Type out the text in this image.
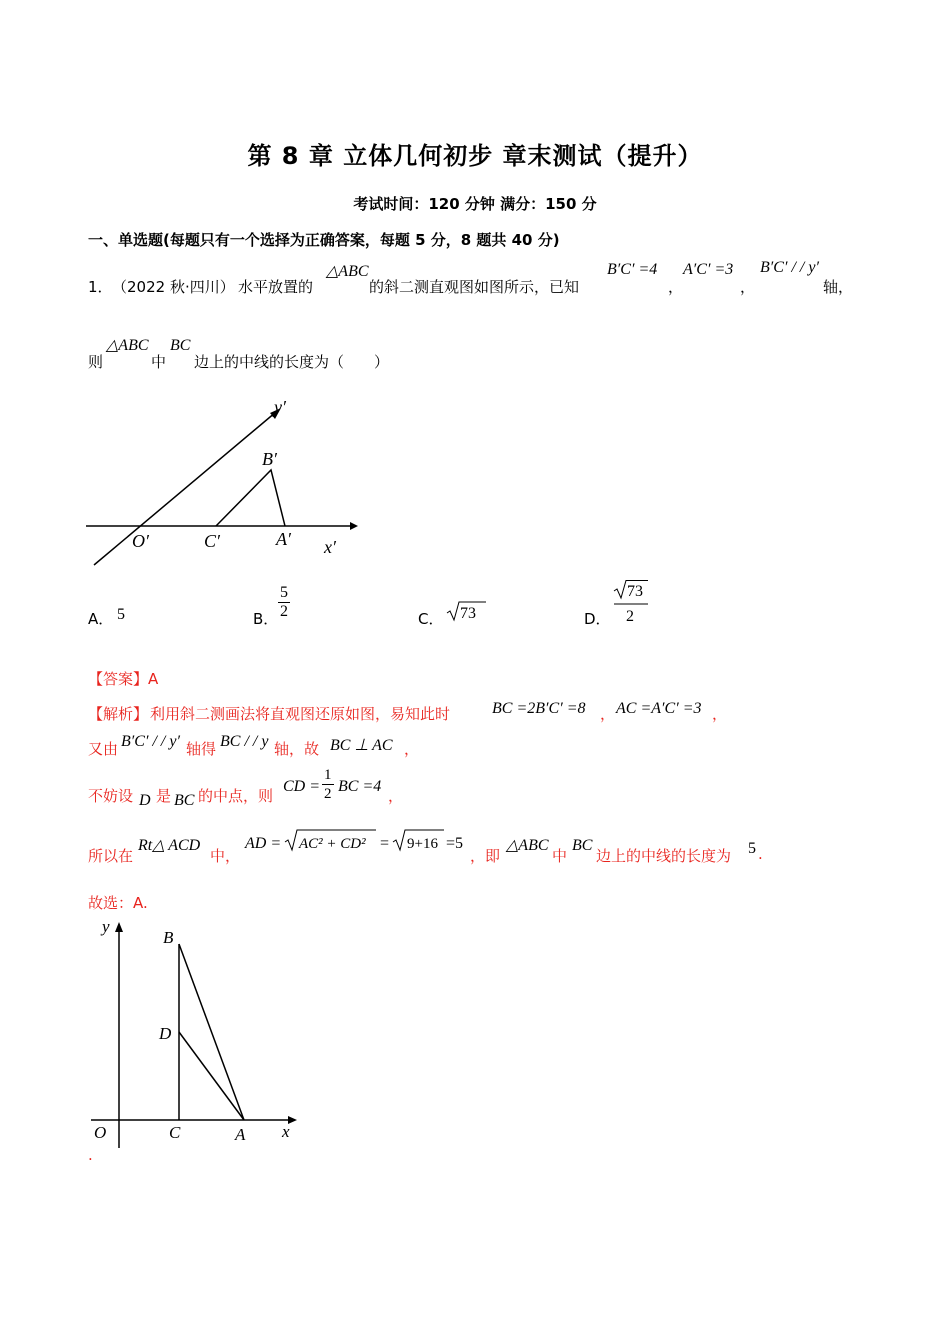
第 8 章 立体几何初步 章末测试（提升）
考试时间：120 分钟 满分：150 分
一、单选题(每题只有一个选择为正确答案，每题 5 分，8 题共 40 分)
1． （2022 秋·四川） 水平放置的
△ABC
的斜二测直观图如图所示，已知
B′C′ =4
，
A′C′ =3
，
B′C′ / / y′
轴，
则
△ABC
中
BC
边上的中线的长度为（　　）
y′
B′
O′	C′	A′ x′
A． 5	B． $\frac{5}{2}$	C． 73	D．
73
2
【答案】A
【解析】 利用斜二测画法将直观图还原如图，易知此时	BC =2B′C′ =8 ， AC =A′C′ =3 ，
又由 B′C′ / / y′ 轴得 BC / / y 轴，故 BC ⊥ AC ，
不妨设 D 是 BC 的中点，则
CD = $\frac{1}{2}$ BC =4
，
所以在
Rt△ ACD
中，
AD = AC² + CD² = 9+16 =5
，即
△ABC
中
BC
边上的中线的长度为 5 .
故选：A.
y
B
D
O	C	A x
.
